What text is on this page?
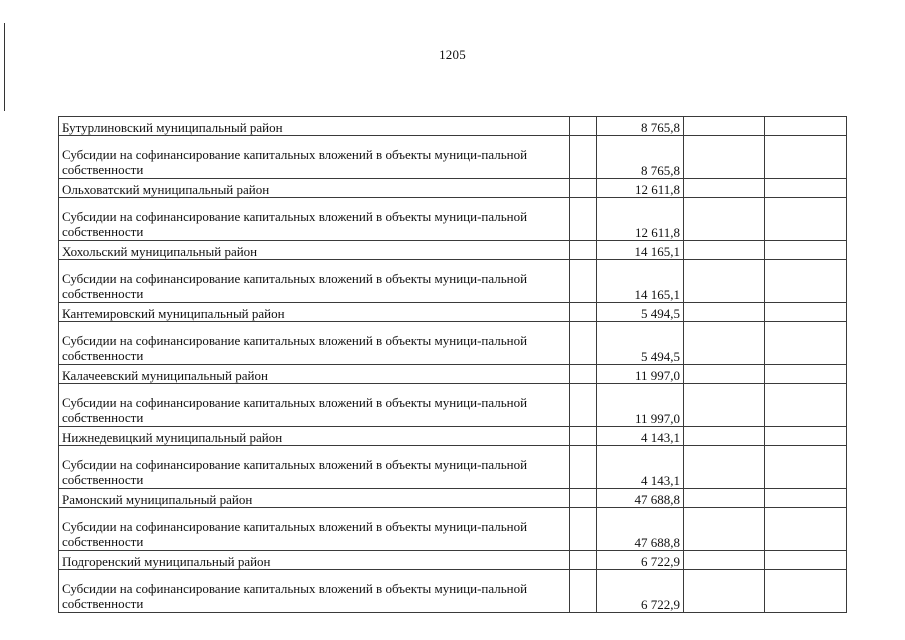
1205
Бутурлиновский муниципальный район		8 765,8		
Субсидии на софинансирование капитальных вложений в объекты муници-пальной собственности		8 765,8		
Ольховатский муниципальный район		12 611,8		
Субсидии на софинансирование капитальных вложений в объекты муници-пальной собственности		12 611,8		
Хохольский муниципальный район		14 165,1		
Субсидии на софинансирование капитальных вложений в объекты муници-пальной собственности		14 165,1		
Кантемировский муниципальный район		5 494,5		
Субсидии на софинансирование капитальных вложений в объекты муници-пальной собственности		5 494,5		
Калачеевский муниципальный район		11 997,0		
Субсидии на софинансирование капитальных вложений в объекты муници-пальной собственности		11 997,0		
Нижнедевицкий муниципальный район		4 143,1		
Субсидии на софинансирование капитальных вложений в объекты муници-пальной собственности		4 143,1		
Рамонский муниципальный район		47 688,8		
Субсидии на софинансирование капитальных вложений в объекты муници-пальной собственности		47 688,8		
Подгоренский муниципальный район		6 722,9		
Субсидии на софинансирование капитальных вложений в объекты муници-пальной собственности		6 722,9		
